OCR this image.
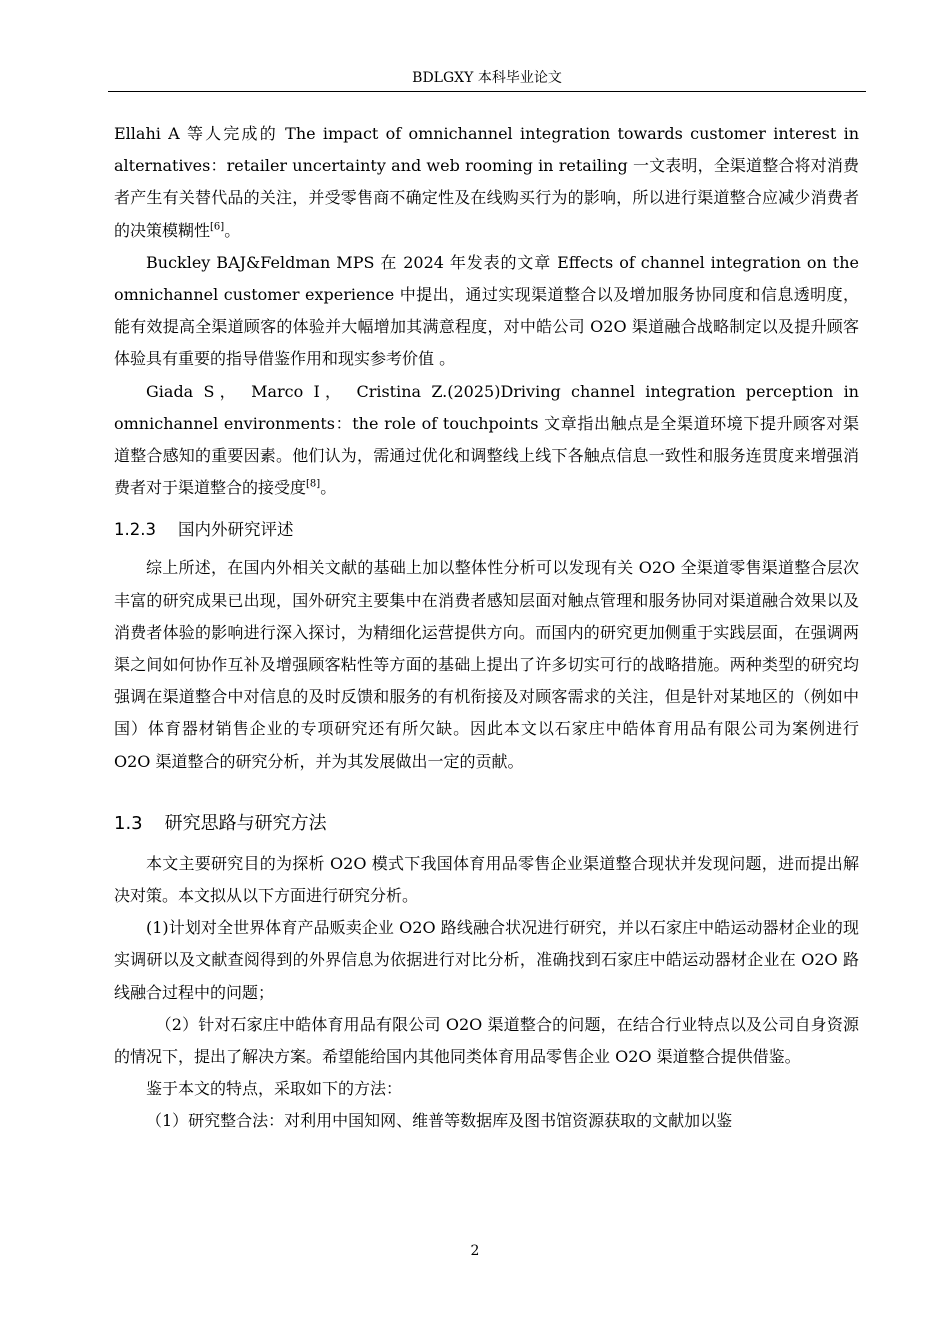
BDLGXY 本科毕业论文

Ellahi A 等人完成的 The impact of omnichannel integration towards customer interest in alternatives：retailer uncertainty and web rooming in retailing 一文表明，全渠道整合将对消费者产生有关替代品的关注，并受零售商不确定性及在线购买行为的影响，所以进行渠道整合应减少消费者的决策模糊性[6]。

Buckley BAJ&Feldman MPS 在 2024 年发表的文章 Effects of channel integration on the omnichannel customer experience 中提出，通过实现渠道整合以及增加服务协同度和信息透明度，能有效提高全渠道顾客的体验并大幅增加其满意程度，对中皓公司 O2O 渠道融合战略制定以及提升顾客体验具有重要的指导借鉴作用和现实参考价值 。

Giada S， Marco I， Cristina Z.(2025)Driving channel integration perception in omnichannel environments：the role of touchpoints 文章指出触点是全渠道环境下提升顾客对渠道整合感知的重要因素。他们认为，需通过优化和调整线上线下各触点信息一致性和服务连贯度来增强消费者对于渠道整合的接受度[8]。

1.2.3 国内外研究评述

综上所述，在国内外相关文献的基础上加以整体性分析可以发现有关 O2O 全渠道零售渠道整合层次丰富的研究成果已出现，国外研究主要集中在消费者感知层面对触点管理和服务协同对渠道融合效果以及消费者体验的影响进行深入探讨，为精细化运营提供方向。而国内的研究更加侧重于实践层面，在强调两渠之间如何协作互补及增强顾客粘性等方面的基础上提出了许多切实可行的战略措施。两种类型的研究均强调在渠道整合中对信息的及时反馈和服务的有机衔接及对顾客需求的关注，但是针对某地区的（例如中国）体育器材销售企业的专项研究还有所欠缺。因此本文以石家庄中皓体育用品有限公司为案例进行 O2O 渠道整合的研究分析，并为其发展做出一定的贡献。

1.3 研究思路与研究方法

本文主要研究目的为探析 O2O 模式下我国体育用品零售企业渠道整合现状并发现问题，进而提出解决对策。本文拟从以下方面进行研究分析。

(1)计划对全世界体育产品贩卖企业 O2O 路线融合状况进行研究，并以石家庄中皓运动器材企业的现实调研以及文献查阅得到的外界信息为依据进行对比分析，准确找到石家庄中皓运动器材企业在 O2O 路线融合过程中的问题；

（2）针对石家庄中皓体育用品有限公司 O2O 渠道整合的问题，在结合行业特点以及公司自身资源的情况下，提出了解决方案。希望能给国内其他同类体育用品零售企业 O2O 渠道整合提供借鉴。

鉴于本文的特点，采取如下的方法：

（1）研究整合法：对利用中国知网、维普等数据库及图书馆资源获取的文献加以鉴

2
